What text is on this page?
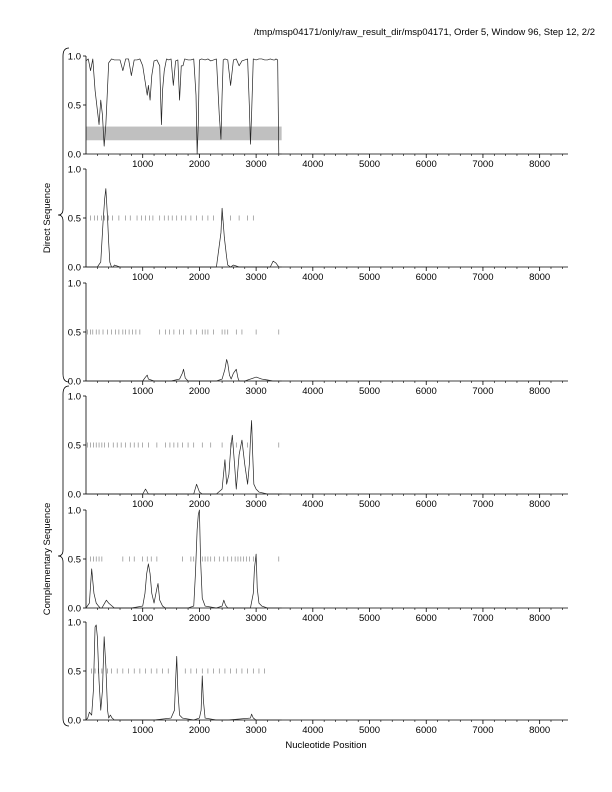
/tmp/msp04171/only/raw_result_dir/msp04171, Order 5, Window 96, Step 12, 2/2
0.0
0.5
1.0
1000	2000	3000	4000	5000	6000	7000	8000
0.0
0.5
1.0
1000	2000	3000	4000	5000	6000	7000	8000
0.0
0.5
1.0
1000	2000	3000	4000	5000	6000	7000	8000
0.0
0.5
1.0
1000	2000	3000	4000	5000	6000	7000	8000
0.0
0.5
1.0
1000	2000	3000	4000	5000	6000	7000	8000
0.0
0.5
1.0
1000	2000	3000	4000	5000	6000	7000	8000
Direct Sequence
Complementary Sequence
Nucleotide Position
